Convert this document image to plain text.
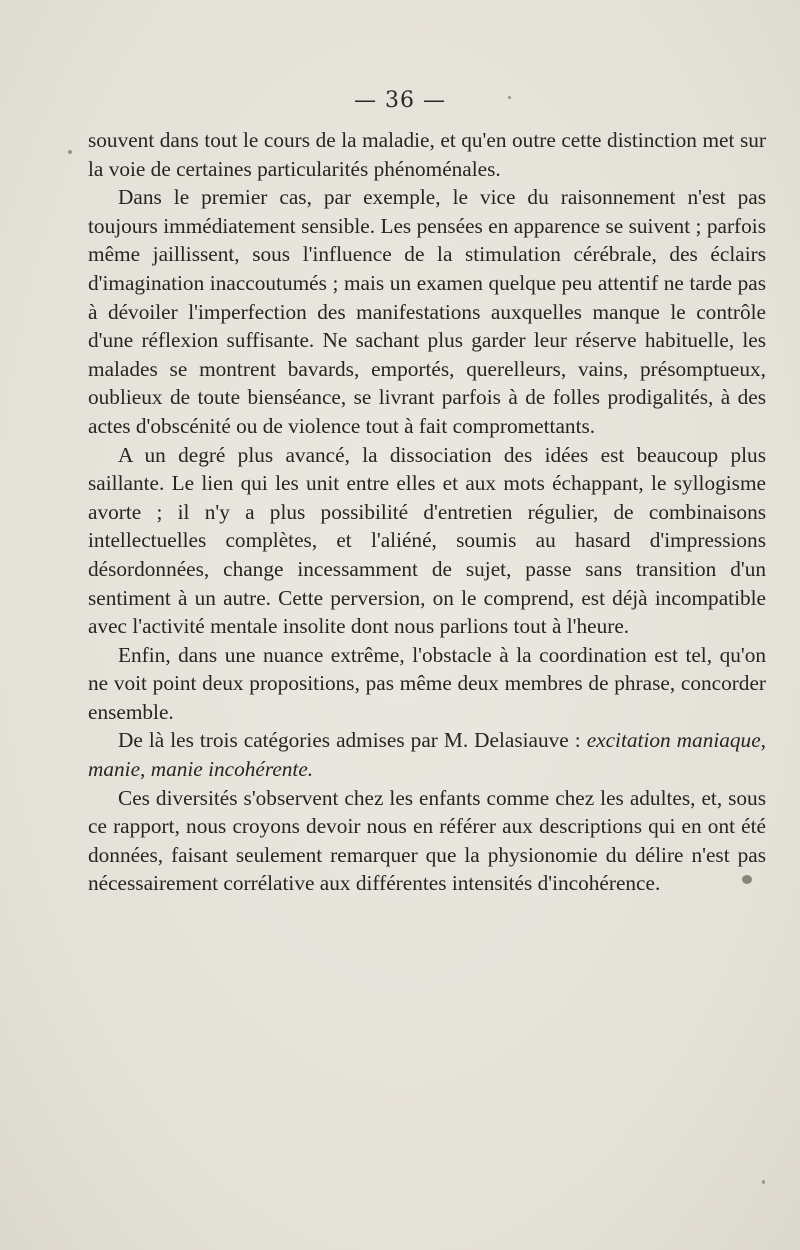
— 36 —

souvent dans tout le cours de la maladie, et qu'en outre cette distinction met sur la voie de certaines particularités phénoménales.

Dans le premier cas, par exemple, le vice du raisonnement n'est pas toujours immédiatement sensible. Les pensées en apparence se suivent ; parfois même jaillissent, sous l'influence de la stimulation cérébrale, des éclairs d'imagination inaccoutumés ; mais un examen quelque peu attentif ne tarde pas à dévoiler l'imperfection des manifestations auxquelles manque le contrôle d'une réflexion suffisante. Ne sachant plus garder leur réserve habituelle, les malades se montrent bavards, emportés, querelleurs, vains, présomptueux, oublieux de toute bienséance, se livrant parfois à de folles prodigalités, à des actes d'obscénité ou de violence tout à fait compromettants.

A un degré plus avancé, la dissociation des idées est beaucoup plus saillante. Le lien qui les unit entre elles et aux mots échappant, le syllogisme avorte ; il n'y a plus possibilité d'entretien régulier, de combinaisons intellectuelles complètes, et l'aliéné, soumis au hasard d'impressions désordonnées, change incessamment de sujet, passe sans transition d'un sentiment à un autre. Cette perversion, on le comprend, est déjà incompatible avec l'activité mentale insolite dont nous parlions tout à l'heure.

Enfin, dans une nuance extrême, l'obstacle à la coordination est tel, qu'on ne voit point deux propositions, pas même deux membres de phrase, concorder ensemble.

De là les trois catégories admises par M. Delasiauve : excitation maniaque, manie, manie incohérente.

Ces diversités s'observent chez les enfants comme chez les adultes, et, sous ce rapport, nous croyons devoir nous en référer aux descriptions qui en ont été données, faisant seulement remarquer que la physionomie du délire n'est pas nécessairement corrélative aux différentes intensités d'incohérence.
